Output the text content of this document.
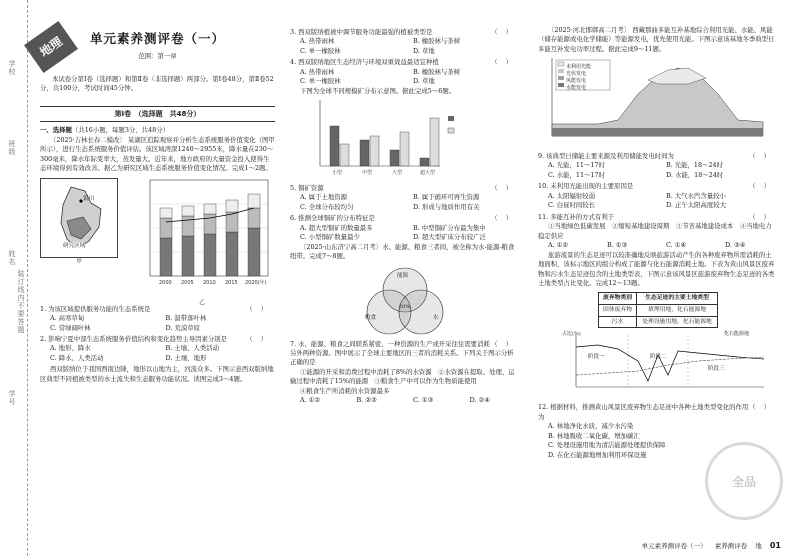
学校
班级
姓名
学号
装订线内不要答题
地理	单元素养测评卷（一）
范围：第一章
本试卷分第Ⅰ卷（选择题）和第Ⅱ卷（非选择题）两部分。第Ⅰ卷48分，第Ⅱ卷52分，共100分，考试时间45分钟。
第Ⅰ卷　（选择题　共48分）
一、选择题（共16小题，每题3分，共48分）
〔2025·吉林长春二模改〕 某湖区追踪观察并分析生态系统服务价值变化（图甲所示），进行生态系统服务价值评估。该区域湾深1240～2955米，降水量在230～300毫米，降水年际变率大，蒸发量大。近年来，地方政府的大量资金投入使得生态环境得到有效改善。据乙为研究区域生态系统服务价值变化情况。完成1～2题。
银川
研究区域
甲
2000 2005 2010 2015 2020(年)
乙
（）
1. 为该区域提供服务功能的生态系统是
A. 高寒草甸	B. 温带落叶林
C. 常绿阔叶林	D. 荒漠草原
（）
2. 影响宁夏中部生态系统服务价值结构和变化趋势主导因素分别是
A. 地形、降水	B. 土壤、人类活动
C. 降水、人类活动	D. 土壤、地形
西双版纳位于我国西南边陲，地形以山地为主，河流众多。下图示意西双版纳地区典型不同植被类型的水土流失和生态服务功能状况。读图完成3～4题。
（）
3. 西双版纳植被中调节服务功能最强的植被类型是
A. 热带雨林	B. 橡胶林与茶树
C. 单一橡胶林	D. 草地
（）
4. 西双版纳地区生态经济与环境双重效益最适宜种植
A. 热带雨林	B. 橡胶林与茶树
C. 单一橡胶林	D. 草地
下图为全球不同规模矿分布示意图。据此完成5～6题。
小型	中型	大型	超大型
（）
5. 铜矿资源
A. 属于土地资源	B. 属于循环可再生资源
C. 全球分布较均匀	D. 形成与地质作用有关
（）
6. 推测全球铜矿的分布特征是
A. 超大型铜矿的数量最多	B. 中型铜矿分布最为集中
C. 小型铜矿数量最少	D. 超大型矿床分布较广泛
〔2025·山东济宁高二月考〕水、能源、粮食三者间，被全称为水-能源-粮食纽带。完成7～8题。
能源
粮食	水
20%
（）
7. 水、能源、粮食之间联系紧密，一种资源的生产或开采往往需要消耗另外两种资源。图中展示了全球主要地区的三者的消耗关系。下列关于图示分析正确的是
①能源的开采和消费过程中消耗了8%的水资源　②水资源在提取、处理、运输过程中消耗了15%的能源　③粮食生产中可以作为生物质能使用
④粮食生产所消耗的水资源最多
A. ①②	B. ②③	C. ①③	D. ②④
〔2025·河北邯郸高二月考〕 西藏那曲多能互补基地综合利用光能、水能、风能（储存能源或电化学储能）等能源发电，优先使用光能。下图示意该基地冬季典型日多能互补发电功率过程。据此完成9～11题。
未利用光能
光伏发电
风能发电
水能发电
（）
9. 该典型日储能主要来源及利用储能发电时间为
A. 光能，11～17时	B. 光能，18～24时
C. 水能，11～17时	D. 水能，18～24时
（）
10. 未利用光能出现的主要原因是
A. 太阳辐射较弱	B. 大气水汽含量较小
C. 白昼时间较长	D. 正午太阳高度较大
（）
11. 多能互补的方式有利于
①当地绿色低碳发展　②缩短基地建设周期　③节省基地建设成本　④当地电力稳定供应
A. ①②	B. ①③	C. ①④	D. ③④
旅游流景的生态足迹可以较准确地反映旅游活动产生的各种废弃物所需消耗的土地面积，该标示地区的组分构成了能源与化石能源消耗土地。下表为黄山风景区废弃物和污水生态足迹包含的土地类型表，下图示意该风景区旅游废弃物生态足迹的各类土地类型占比变化。完成12～13题。
废弃物类别	生态足迹的主要土地类型
固体废弃物	填埋用地，化石能源地
污水	处理设施用地，化石能源地
阶段一	阶段二
阶段三
占比(%)	化石能源地
（）
12. 根据材料，推测黄山风景区废弃物生态足迹中各种土地类型变化的作用为
A. 林地净化水质，减少水污染
B. 林地吸收二氧化碳，增加碳汇
C. 处理设施用地为清洁能源处理提供保障
D. 在化石能源地增加利用环保设施
全品
单元素养测评卷（一） 素养测评卷 地 01
